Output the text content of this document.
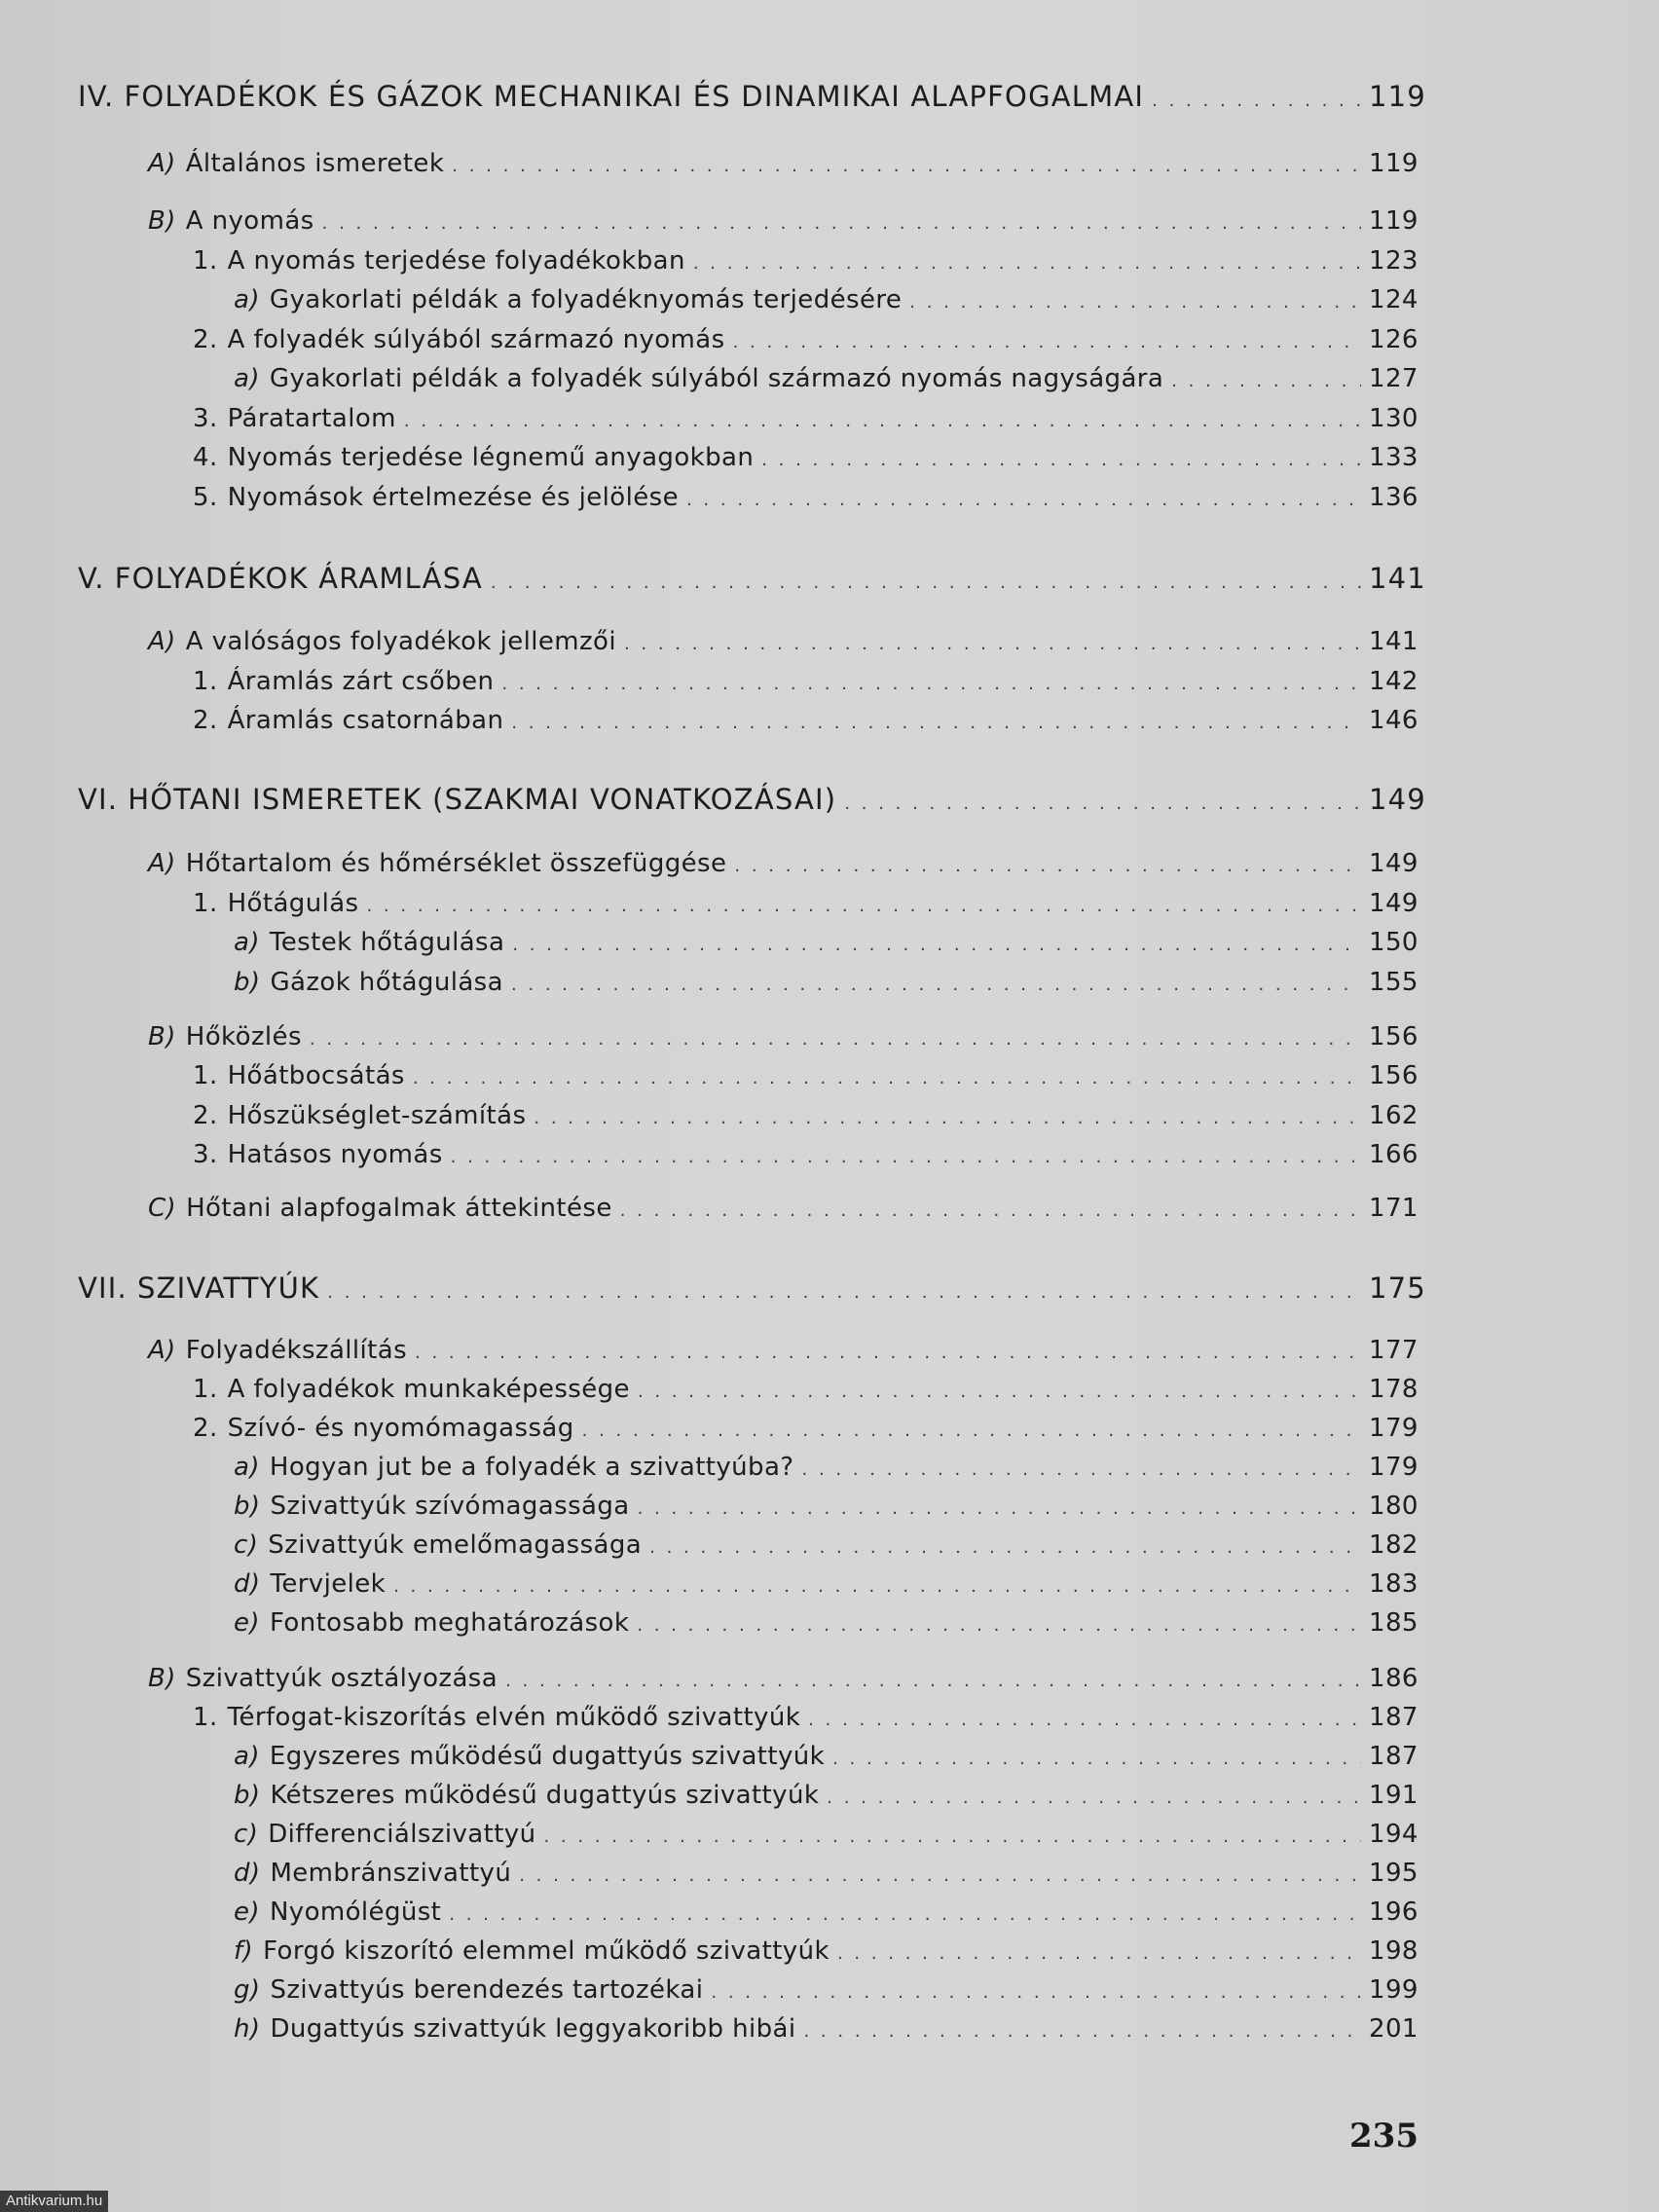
IV. FOLYADÉKOK ÉS GÁZOK MECHANIKAI ÉS DINAMIKAI ALAPFOGALMAI . . .	119
A) Általános ismeretek . . .	119
B) A nyomás . . .	119
1. A nyomás terjedése folyadékokban . . .	123
a) Gyakorlati példák a folyadéknyomás terjedésére . . .	124
2. A folyadék súlyából származó nyomás . . .	126
a) Gyakorlati példák a folyadék súlyából származó nyomás nagyságára . . .	127
3. Páratartalom . . .	130
4. Nyomás terjedése légnemű anyagokban . . .	133
5. Nyomások értelmezése és jelölése . . .	136
V. FOLYADÉKOK ÁRAMLÁSA . . .	141
A) A valóságos folyadékok jellemzői . . .	141
1. Áramlás zárt csőben . . .	142
2. Áramlás csatornában . . .	146
VI. HŐTANI ISMERETEK (SZAKMAI VONATKOZÁSAI) . . .	149
A) Hőtartalom és hőmérséklet összefüggése . . .	149
1. Hőtágulás . . .	149
a) Testek hőtágulása . . .	150
b) Gázok hőtágulása . . .	155
B) Hőközlés . . .	156
1. Hőátbocsátás . . .	156
2. Hőszükséglet-számítás . . .	162
3. Hatásos nyomás . . .	166
C) Hőtani alapfogalmak áttekintése . . .	171
VII. SZIVATTYÚK . . .	175
A) Folyadékszállítás . . .	177
1. A folyadékok munkaképessége . . .	178
2. Szívó- és nyomómagasság . . .	179
a) Hogyan jut be a folyadék a szivattyúba? . . .	179
b) Szivattyúk szívómagassága . . .	180
c) Szivattyúk emelőmagassága . . .	182
d) Tervjelek . . .	183
e) Fontosabb meghatározások . . .	185
B) Szivattyúk osztályozása . . .	186
1. Térfogat-kiszorítás elvén működő szivattyúk . . .	187
a) Egyszeres működésű dugattyús szivattyúk . . .	187
b) Kétszeres működésű dugattyús szivattyúk . . .	191
c) Differenciálszivattyú . . .	194
d) Membránszivattyú . . .	195
e) Nyomólégüst . . .	196
f) Forgó kiszorító elemmel működő szivattyúk . . .	198
g) Szivattyús berendezés tartozékai . . .	199
h) Dugattyús szivattyúk leggyakoribb hibái . . .	201
235
Antikvarium.hu
